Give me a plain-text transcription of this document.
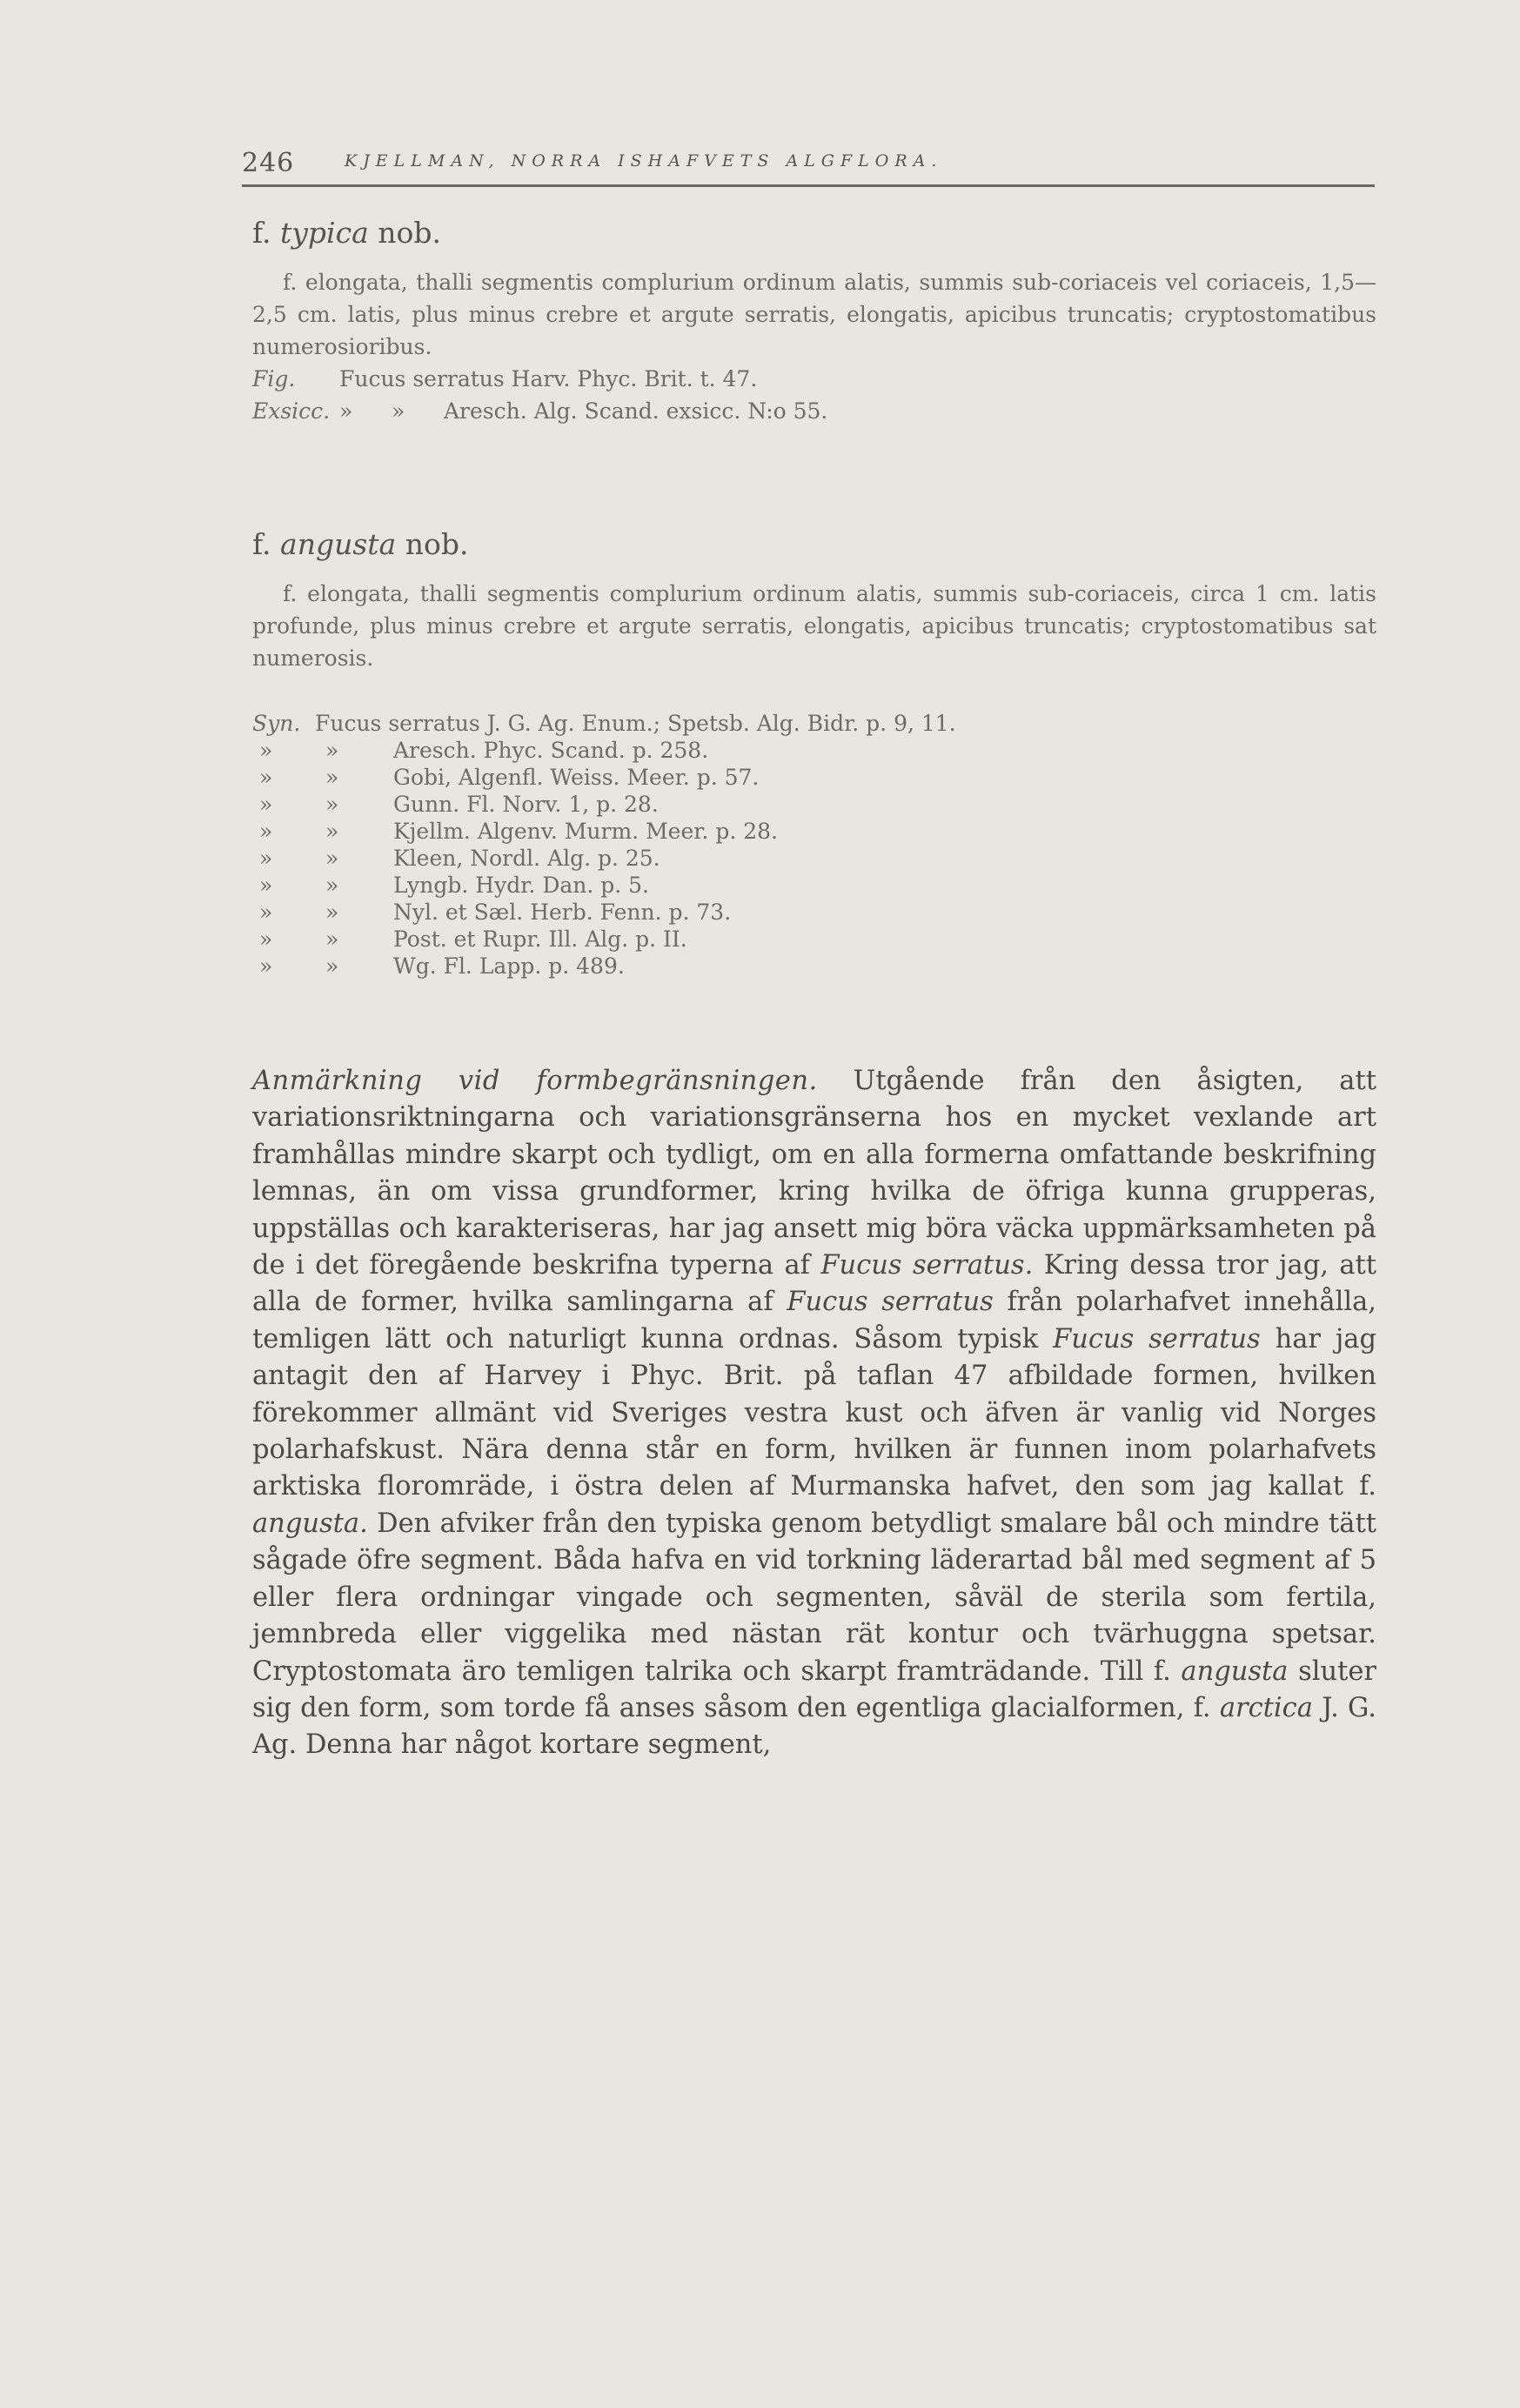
246	KJELLMAN, NORRA ISHAFVETS ALGFLORA.
f. typica nob.

f. elongata, thalli segmentis complurium ordinum alatis, summis sub-coriaceis vel coriaceis, 1,5—2,5 cm. latis, plus minus crebre et argute serratis, elongatis, apicibus truncatis; cryptostomatibus numerosioribus.

Fig. Fucus serratus Harv. Phyc. Brit. t. 47.

Exsicc. » » Aresch. Alg. Scand. exsicc. N:o 55.

f. angusta nob.

f. elongata, thalli segmentis complurium ordinum alatis, summis sub-coriaceis, circa 1 cm. latis profunde, plus minus crebre et argute serratis, elongatis, apicibus truncatis; cryptostomatibus sat numerosis.

Syn. Fucus serratus J. G. Ag. Enum.; Spetsb. Alg. Bidr. p. 9, 11.
» »	Aresch. Phyc. Scand. p. 258.
» »	Gobi, Algenfl. Weiss. Meer. p. 57.
» »	Gunn. Fl. Norv. 1, p. 28.
» »	Kjellm. Algenv. Murm. Meer. p. 28.
» »	Kleen, Nordl. Alg. p. 25.
» »	Lyngb. Hydr. Dan. p. 5.
» »	Nyl. et Sæl. Herb. Fenn. p. 73.
» »	Post. et Rupr. Ill. Alg. p. II.
» »	Wg. Fl. Lapp. p. 489.
Anmärkning vid formbegränsningen. Utgående från den åsigten, att variationsriktningarna och variationsgränserna hos en mycket vexlande art framhållas mindre skarpt och tydligt, om en alla formerna omfattande beskrifning lemnas, än om vissa grundformer, kring hvilka de öfriga kunna grupperas, uppställas och karakteriseras, har jag ansett mig böra väcka uppmärksamheten på de i det föregående beskrifna typerna af Fucus serratus. Kring dessa tror jag, att alla de former, hvilka samlingarna af Fucus serratus från polarhafvet innehålla, temligen lätt och naturligt kunna ordnas. Såsom typisk Fucus serratus har jag antagit den af Harvey i Phyc. Brit. på taflan 47 afbildade formen, hvilken förekommer allmänt vid Sveriges vestra kust och äfven är vanlig vid Norges polarhafskust. Nära denna står en form, hvilken är funnen inom polarhafvets arktiska floromräde, i östra delen af Murmanska hafvet, den som jag kallat f. angusta. Den afviker från den typiska genom betydligt smalare bål och mindre tätt sågade öfre segment. Båda hafva en vid torkning läderartad bål med segment af 5 eller flera ordningar vingade och segmenten, såväl de sterila som fertila, jemnbreda eller viggelika med nästan rät kontur och tvärhuggna spetsar. Cryptostomata äro temligen talrika och skarpt framträdande. Till f. angusta sluter sig den form, som torde få anses såsom den egentliga glacialformen, f. arctica J. G. Ag. Denna har något kortare segment,
